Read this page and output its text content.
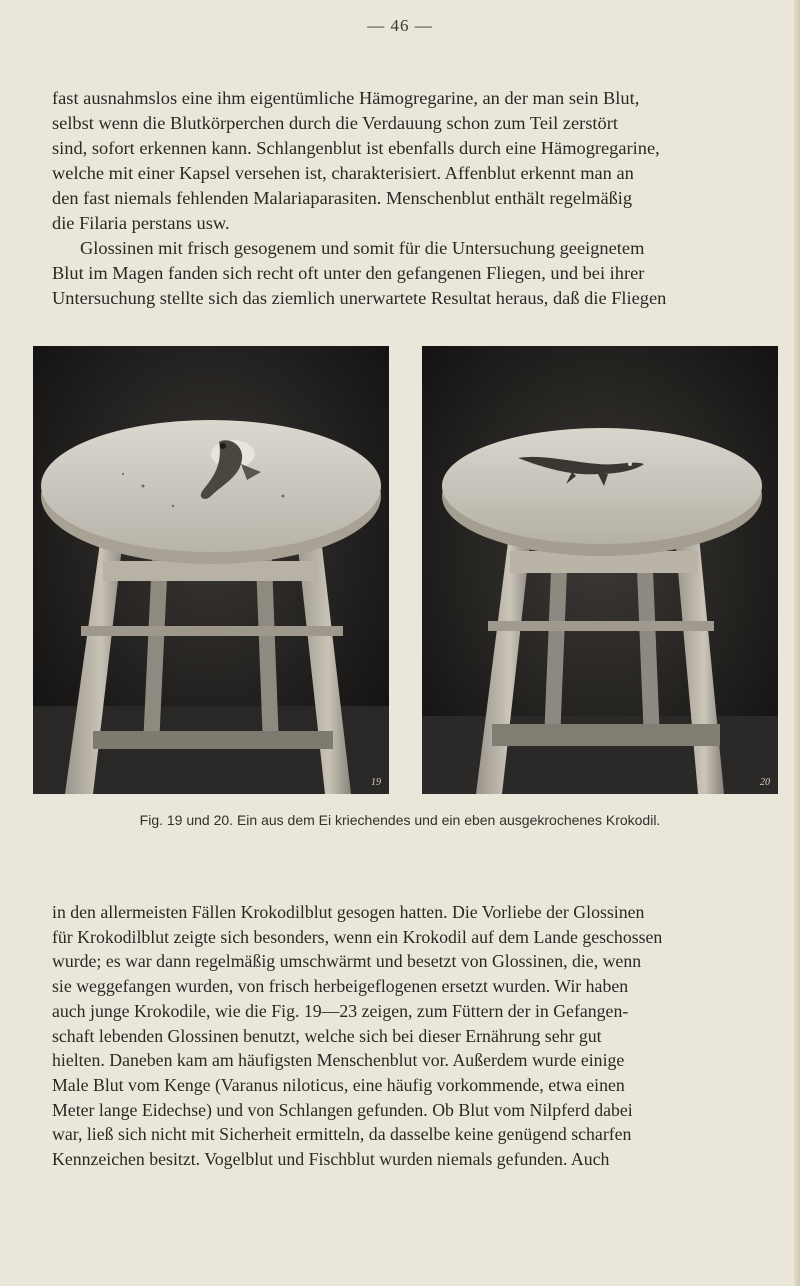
— 46 —

fast ausnahmslos eine ihm eigentümliche Hämogregarine, an der man sein Blut,
selbst wenn die Blutkörperchen durch die Verdauung schon zum Teil zerstört
sind, sofort erkennen kann. Schlangenblut ist ebenfalls durch eine Hämogregarine,
welche mit einer Kapsel versehen ist, charakterisiert. Affenblut erkennt man an
den fast niemals fehlenden Malariaparasiten. Menschenblut enthält regelmäßig
die Filaria perstans usw.
Glossinen mit frisch gesogenem und somit für die Untersuchung geeignetem
Blut im Magen fanden sich recht oft unter den gefangenen Fliegen, und bei ihrer
Untersuchung stellte sich das ziemlich unerwartete Resultat heraus, daß die Fliegen

19	20
Fig. 19 und 20. Ein aus dem Ei kriechendes und ein eben ausgekrochenes Krokodil.

in den allermeisten Fällen Krokodilblut gesogen hatten. Die Vorliebe der Glossinen
für Krokodilblut zeigte sich besonders, wenn ein Krokodil auf dem Lande geschossen
wurde; es war dann regelmäßig umschwärmt und besetzt von Glossinen, die, wenn
sie weggefangen wurden, von frisch herbeigeflogenen ersetzt wurden. Wir haben
auch junge Krokodile, wie die Fig. 19—23 zeigen, zum Füttern der in Gefangen-
schaft lebenden Glossinen benutzt, welche sich bei dieser Ernährung sehr gut
hielten. Daneben kam am häufigsten Menschenblut vor. Außerdem wurde einige
Male Blut vom Kenge (Varanus niloticus, eine häufig vorkommende, etwa einen
Meter lange Eidechse) und von Schlangen gefunden. Ob Blut vom Nilpferd dabei
war, ließ sich nicht mit Sicherheit ermitteln, da dasselbe keine genügend scharfen
Kennzeichen besitzt. Vogelblut und Fischblut wurden niemals gefunden. Auch
